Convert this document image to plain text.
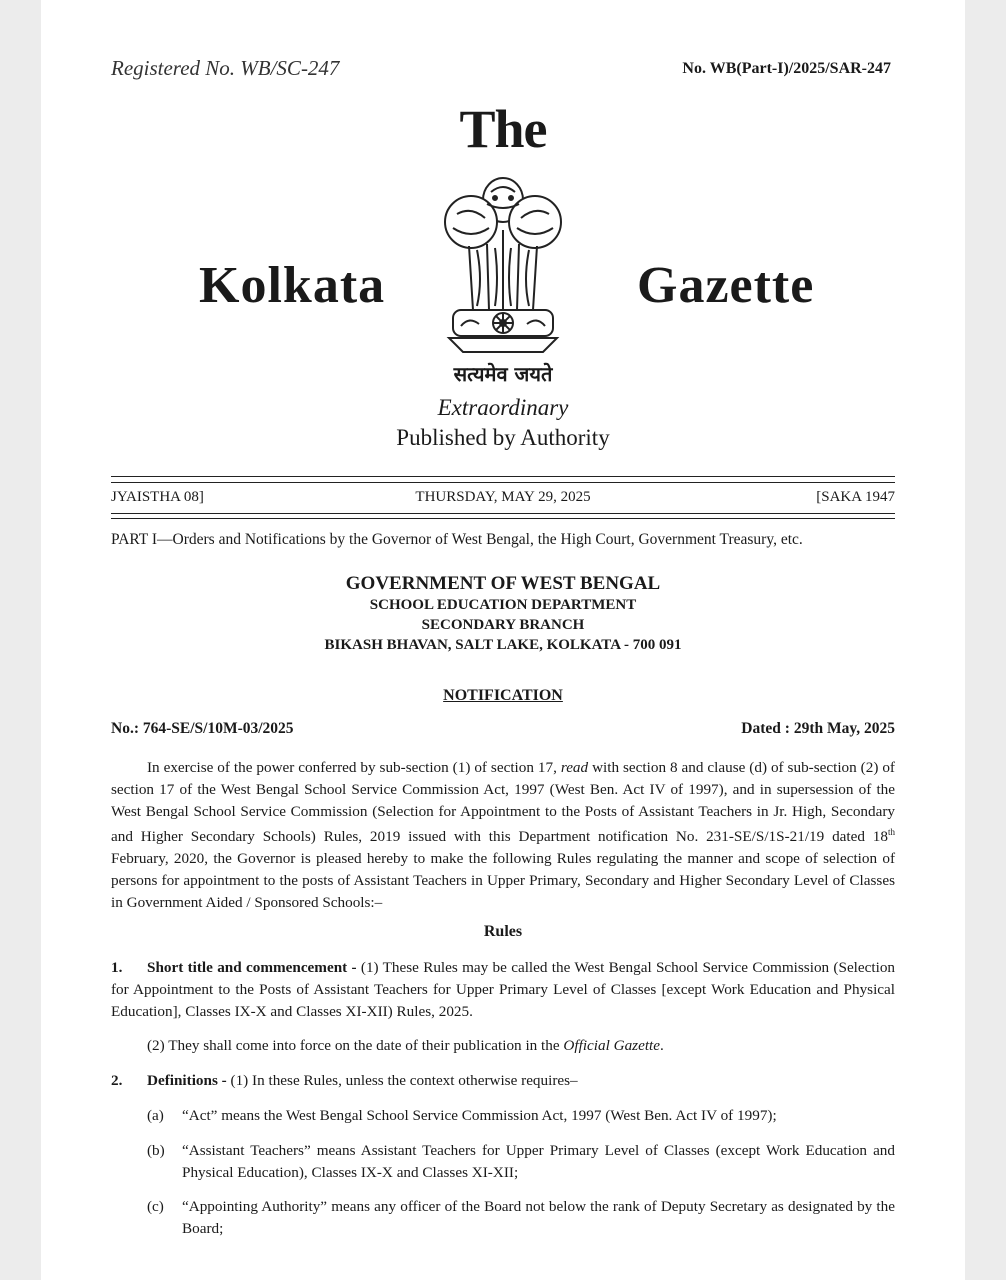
Registered No. WB/SC-247	No. WB(Part-I)/2025/SAR-247
The
Kolkata	Gazette
सत्यमेव जयते
Extraordinary
Published by Authority
JYAISTHA 08]	THURSDAY, MAY 29, 2025	[SAKA 1947
PART I—Orders and Notifications by the Governor of West Bengal, the High Court, Government Treasury, etc.
GOVERNMENT OF WEST BENGAL
SCHOOL EDUCATION DEPARTMENT
SECONDARY BRANCH
BIKASH BHAVAN, SALT LAKE, KOLKATA - 700 091
NOTIFICATION
No.: 764-SE/S/10M-03/2025	Dated : 29th May, 2025
In exercise of the power conferred by sub-section (1) of section 17, read with section 8 and clause (d) of sub-section (2) of section 17 of the West Bengal School Service Commission Act, 1997 (West Ben. Act IV of 1997), and in supersession of the West Bengal School Service Commission (Selection for Appointment to the Posts of Assistant Teachers in Jr. High, Secondary and Higher Secondary Schools) Rules, 2019 issued with this Department notification No. 231-SE/S/1S-21/19 dated 18th February, 2020, the Governor is pleased hereby to make the following Rules regulating the manner and scope of selection of persons for appointment to the posts of Assistant Teachers in Upper Primary, Secondary and Higher Secondary Level of Classes in Government Aided / Sponsored Schools:–
Rules
1. Short title and commencement - (1) These Rules may be called the West Bengal School Service Commission (Selection for Appointment to the Posts of Assistant Teachers for Upper Primary Level of Classes [except Work Education and Physical Education], Classes IX-X and Classes XI-XII) Rules, 2025.
(2) They shall come into force on the date of their publication in the Official Gazette.
2. Definitions - (1) In these Rules, unless the context otherwise requires–
(a) “Act” means the West Bengal School Service Commission Act, 1997 (West Ben. Act IV of 1997);
(b) “Assistant Teachers” means Assistant Teachers for Upper Primary Level of Classes (except Work Education and Physical Education), Classes IX-X and Classes XI-XII;
(c) “Appointing Authority” means any officer of the Board not below the rank of Deputy Secretary as designated by the Board;
